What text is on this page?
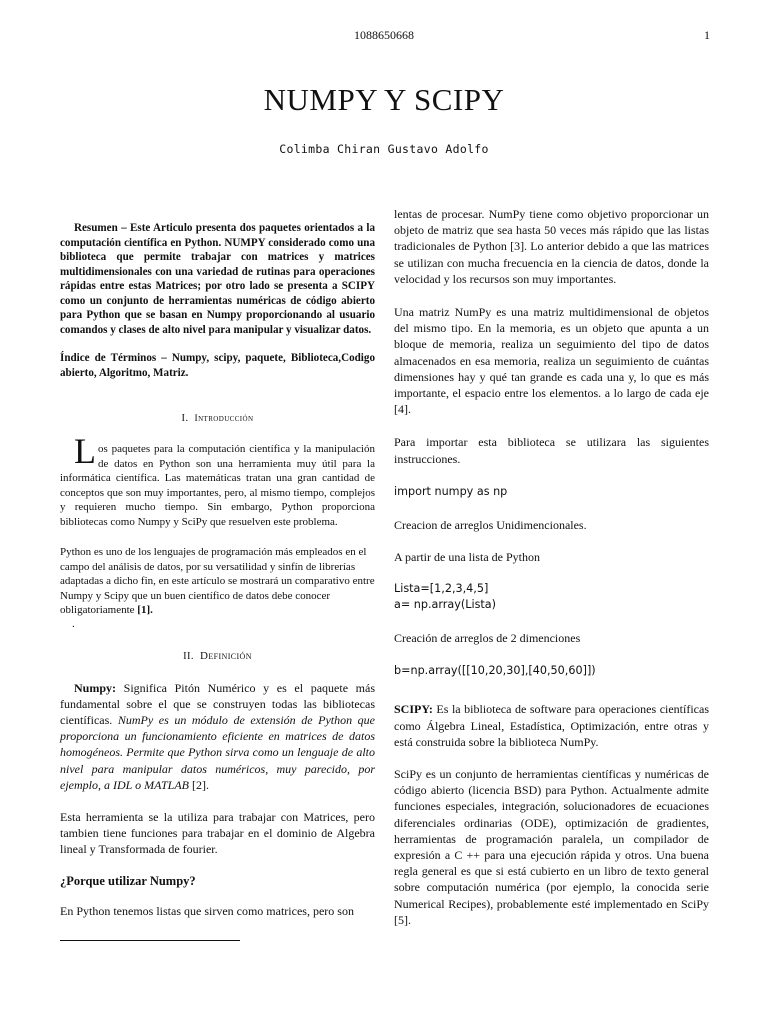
1088650668	1
NUMPY Y SCIPY
Colimba Chiran Gustavo Adolfo

Resumen – Este Articulo presenta dos paquetes orientados a la computación científica en Python. NUMPY considerado como una biblioteca que permite trabajar con matrices y matrices multidimensionales con una variedad de rutinas para operaciones rápidas entre estas Matrices; por otro lado se presenta a SCIPY como un conjunto de herramientas numéricas de código abierto para Python que se basan en Numpy proporcionando al usuario comandos y clases de alto nivel para manipular y visualizar datos.

Índice de Términos – Numpy, scipy, paquete, Biblioteca,Codigo abierto, Algoritmo, Matriz.

I. Introducción

Los paquetes para la computación científica y la manipulación de datos en Python son una herramienta muy útil para la informática científica. Las matemáticas tratan una gran cantidad de conceptos que son muy importantes, pero, al mismo tiempo, complejos y requieren mucho tiempo. Sin embargo, Python proporciona bibliotecas como Numpy y SciPy que resuelven este problema.

Python es uno de los lenguajes de programación más empleados en el campo del análisis de datos, por su versatilidad y sinfín de librerías adaptadas a dicho fin, en este artículo se mostrará un comparativo entre Numpy y Scipy que un buen científico de datos debe conocer obligatoriamente [1].

.
II. Definición

Numpy: Significa Pitón Numérico y es el paquete más fundamental sobre el que se construyen todas las bibliotecas científicas. NumPy es un módulo de extensión de Python que proporciona un funcionamiento eficiente en matrices de datos homogéneos. Permite que Python sirva como un lenguaje de alto nivel para manipular datos numéricos, muy parecido, por ejemplo, a IDL o MATLAB [2].

Esta herramienta se la utiliza para trabajar con Matrices, pero tambien tiene funciones para trabajar en el dominio de Algebra lineal y Transformada de fourier.

¿Porque utilizar Numpy?

En Python tenemos listas que sirven como matrices, pero son

lentas de procesar. NumPy tiene como objetivo proporcionar un objeto de matriz que sea hasta 50 veces más rápido que las listas tradicionales de Python [3]. Lo anterior debido a que las matrices se utilizan con mucha frecuencia en la ciencia de datos, donde la velocidad y los recursos son muy importantes.

Una matriz NumPy es una matriz multidimensional de objetos del mismo tipo. En la memoria, es un objeto que apunta a un bloque de memoria, realiza un seguimiento del tipo de datos almacenados en esa memoria, realiza un seguimiento de cuántas dimensiones hay y qué tan grande es cada una y, lo que es más importante, el espacio entre los elementos. a lo largo de cada eje [4].

Para importar esta biblioteca se utilizara las siguientes instrucciones.

import numpy as np

Creacion de arreglos Unidimencionales.

A partir de una lista de Python

Lista=[1,2,3,4,5]
a= np.array(Lista)

Creación de arreglos de 2 dimenciones

b=np.array([[10,20,30],[40,50,60]])

SCIPY: Es la biblioteca de software para operaciones científicas como Álgebra Lineal, Estadística, Optimización, entre otras y está construida sobre la biblioteca NumPy.

SciPy es un conjunto de herramientas científicas y numéricas de código abierto (licencia BSD) para Python. Actualmente admite funciones especiales, integración, solucionadores de ecuaciones diferenciales ordinarias (ODE), optimización de gradientes, herramientas de programación paralela, un compilador de expresión a C ++ para una ejecución rápida y otros. Una buena regla general es que si está cubierto en un libro de texto general sobre computación numérica (por ejemplo, la conocida serie Numerical Recipes), probablemente esté implementado en SciPy [5].
